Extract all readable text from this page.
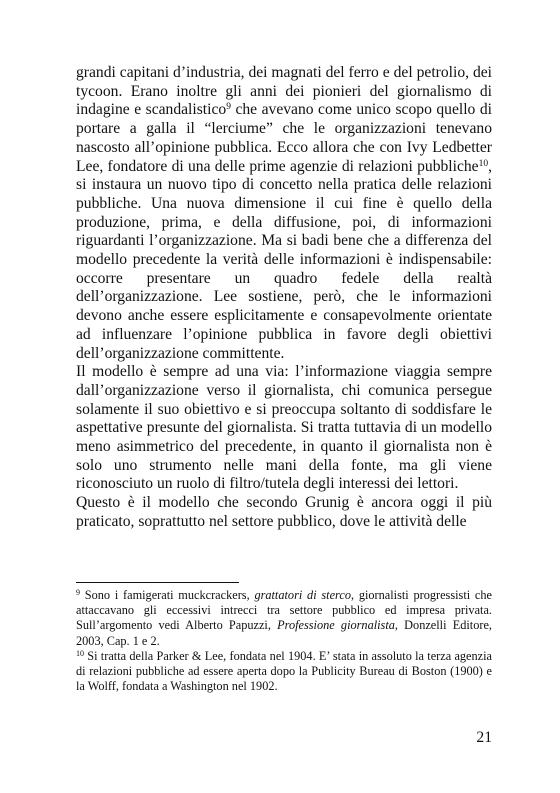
grandi capitani d’industria, dei magnati del ferro e del petrolio, dei tycoon. Erano inoltre gli anni dei pionieri del giornalismo di indagine e scandalistico$^9$ che avevano come unico scopo quello di portare a galla il “lerciume” che le organizzazioni tenevano nascosto all’opinione pubblica. Ecco allora che con Ivy Ledbetter Lee, fondatore di una delle prime agenzie di relazioni pubbliche$^{10}$, si instaura un nuovo tipo di concetto nella pratica delle relazioni pubbliche. Una nuova dimensione il cui fine è quello della produzione, prima, e della diffusione, poi, di informazioni riguardanti l’organizzazione. Ma si badi bene che a differenza del modello precedente la verità delle informazioni è indispensabile: occorre presentare un quadro fedele della realtà dell’organizzazione. Lee sostiene, però, che le informazioni devono anche essere esplicitamente e consapevolmente orientate ad influenzare l’opinione pubblica in favore degli obiettivi dell’organizzazione committente.

Il modello è sempre ad una via: l’informazione viaggia sempre dall’organizzazione verso il giornalista, chi comunica persegue solamente il suo obiettivo e si preoccupa soltanto di soddisfare le aspettative presunte del giornalista. Si tratta tuttavia di un modello meno asimmetrico del precedente, in quanto il giornalista non è solo uno strumento nelle mani della fonte, ma gli viene riconosciuto un ruolo di filtro/tutela degli interessi dei lettori.

Questo è il modello che secondo Grunig è ancora oggi il più praticato, soprattutto nel settore pubblico, dove le attività delle

$^9$ Sono i famigerati muckcrackers, grattatori di sterco, giornalisti progressisti che attaccavano gli eccessivi intrecci tra settore pubblico ed impresa privata. Sull’argomento vedi Alberto Papuzzi, Professione giornalista, Donzelli Editore, 2003, Cap. 1 e 2.

$^{10}$ Si tratta della Parker & Lee, fondata nel 1904. E’ stata in assoluto la terza agenzia di relazioni pubbliche ad essere aperta dopo la Publicity Bureau di Boston (1900) e la Wolff, fondata a Washington nel 1902.

21
